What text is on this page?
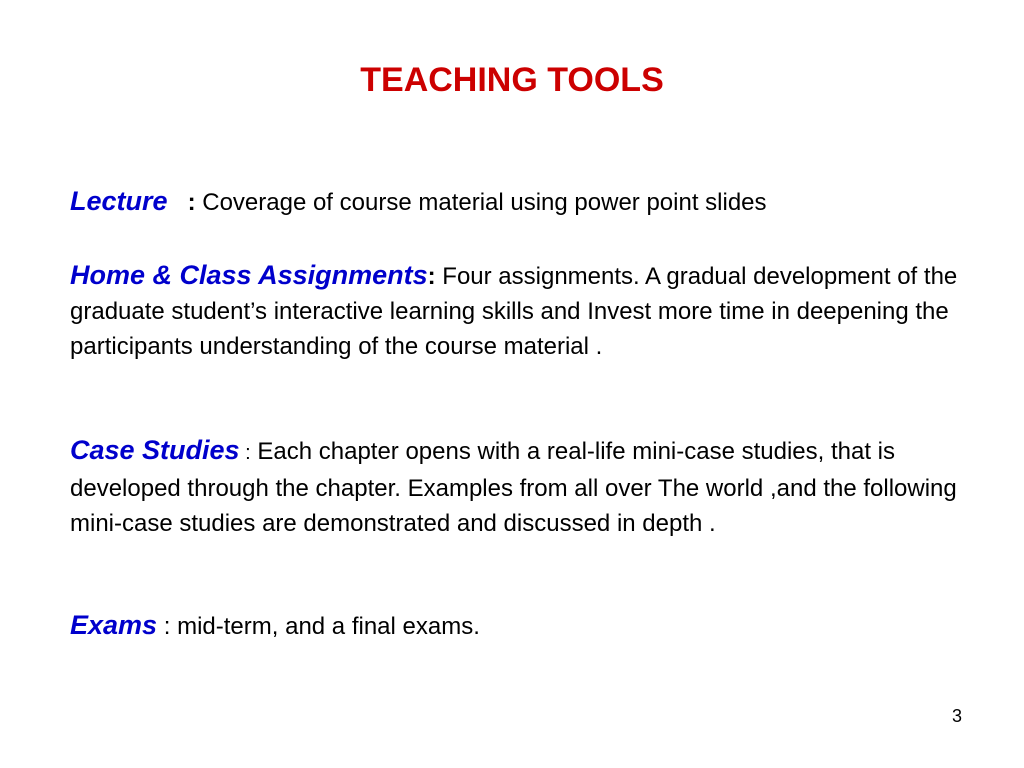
TEACHING TOOLS
Lecture : Coverage of course material using power point slides
Home & Class Assignments: Four assignments. A gradual development of the graduate student’s interactive learning skills and Invest more time in deepening the participants understanding of the course material .
Case Studies : Each chapter opens with a real-life mini-case studies, that is developed through the chapter. Examples from all over The world ,and the following mini-case studies are demonstrated and discussed in depth .
Exams : mid-term, and a final exams.
3
